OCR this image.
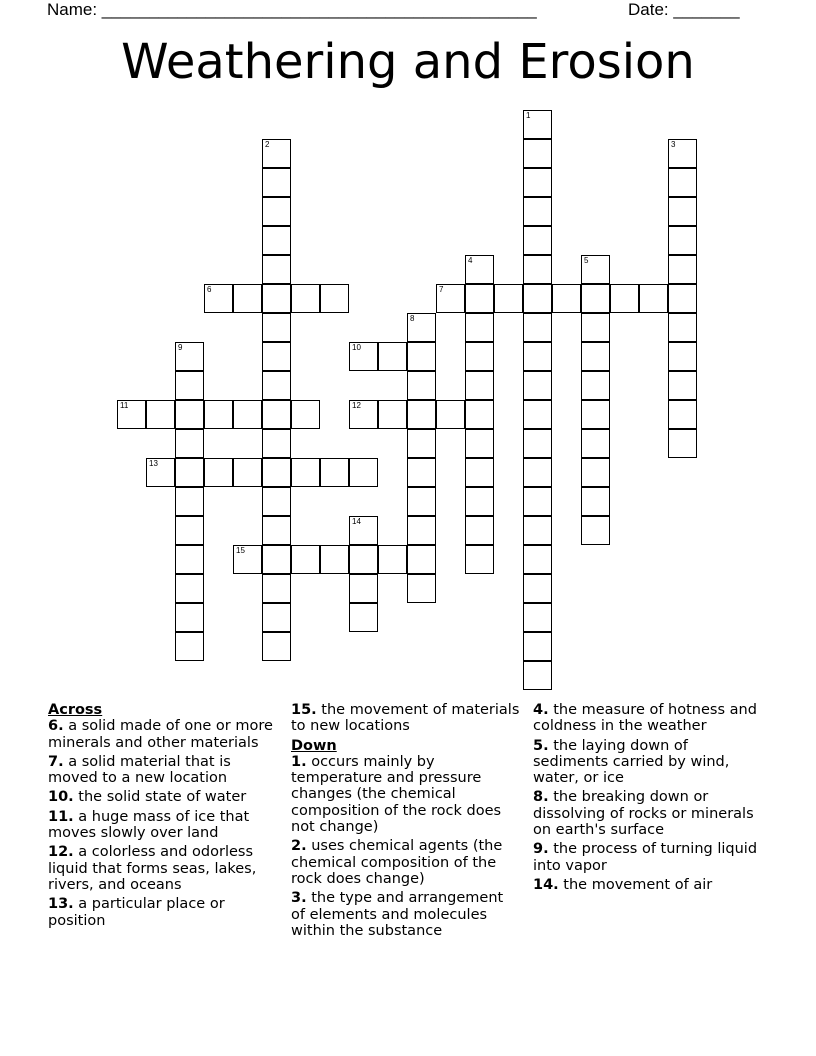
Name: ______________________________________________	Date: _______
Weathering and Erosion
1
2	3
4	5
6	7
8
9	10
11	12
13
14
15
Across
6. a solid made of one or more minerals and other materials
7. a solid material that is moved to a new location
10. the solid state of water
11. a huge mass of ice that moves slowly over land
12. a colorless and odorless liquid that forms seas, lakes, rivers, and oceans
13. a particular place or position
15. the movement of materials to new locations
Down
1. occurs mainly by temperature and pressure changes (the chemical composition of the rock does not change)
2. uses chemical agents (the chemical composition of the rock does change)
3. the type and arrangement of elements and molecules within the substance
4. the measure of hotness and coldness in the weather
5. the laying down of sediments carried by wind, water, or ice
8. the breaking down or dissolving of rocks or minerals on earth's surface
9. the process of turning liquid into vapor
14. the movement of air
